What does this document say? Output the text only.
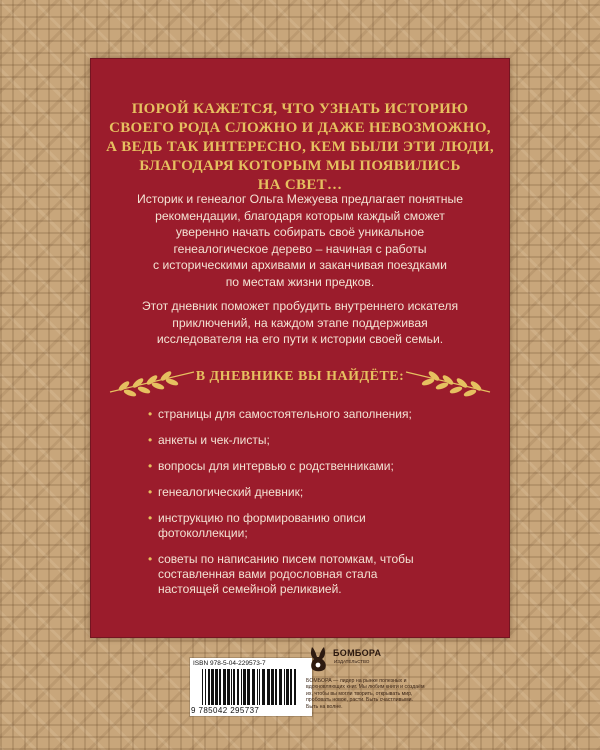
ПОРОЙ КАЖЕТСЯ, ЧТО УЗНАТЬ ИСТОРИЮ
СВОЕГО РОДА СЛОЖНО И ДАЖЕ НЕВОЗМОЖНО,
А ВЕДЬ ТАК ИНТЕРЕСНО, КЕМ БЫЛИ ЭТИ ЛЮДИ,
БЛАГОДАРЯ КОТОРЫМ МЫ ПОЯВИЛИСЬ
НА СВЕТ…
Историк и генеалог Ольга Межуева предлагает понятные
рекомендации, благодаря которым каждый сможет
уверенно начать собирать своё уникальное
генеалогическое дерево – начиная с работы
с историческими архивами и заканчивая поездками
по местам жизни предков.
Этот дневник поможет пробудить внутреннего искателя
приключений, на каждом этапе поддерживая
исследователя на его пути к истории своей семьи.
В ДНЕВНИКЕ ВЫ НАЙДЁТЕ:
• страницы для самостоятельного заполнения;
• анкеты и чек-листы;
• вопросы для интервью с родственниками;
• генеалогический дневник;
• инструкцию по формированию описи
фотоколлекции;
• советы по написанию писем потомкам, чтобы
составленная вами родословная стала
настоящей семейной реликвией.
ISBN 978-5-04-229573-7
9 785042 295737
БОМБОРА
ИЗДАТЕЛЬСТВО
БОМБОРА — лидер на рынке полезных и вдохновляющих книг. Мы любим книги и создаём их, чтобы вы могли творить, открывать мир, пробовать новое, расти. Быть счастливыми. Быть на волне.
